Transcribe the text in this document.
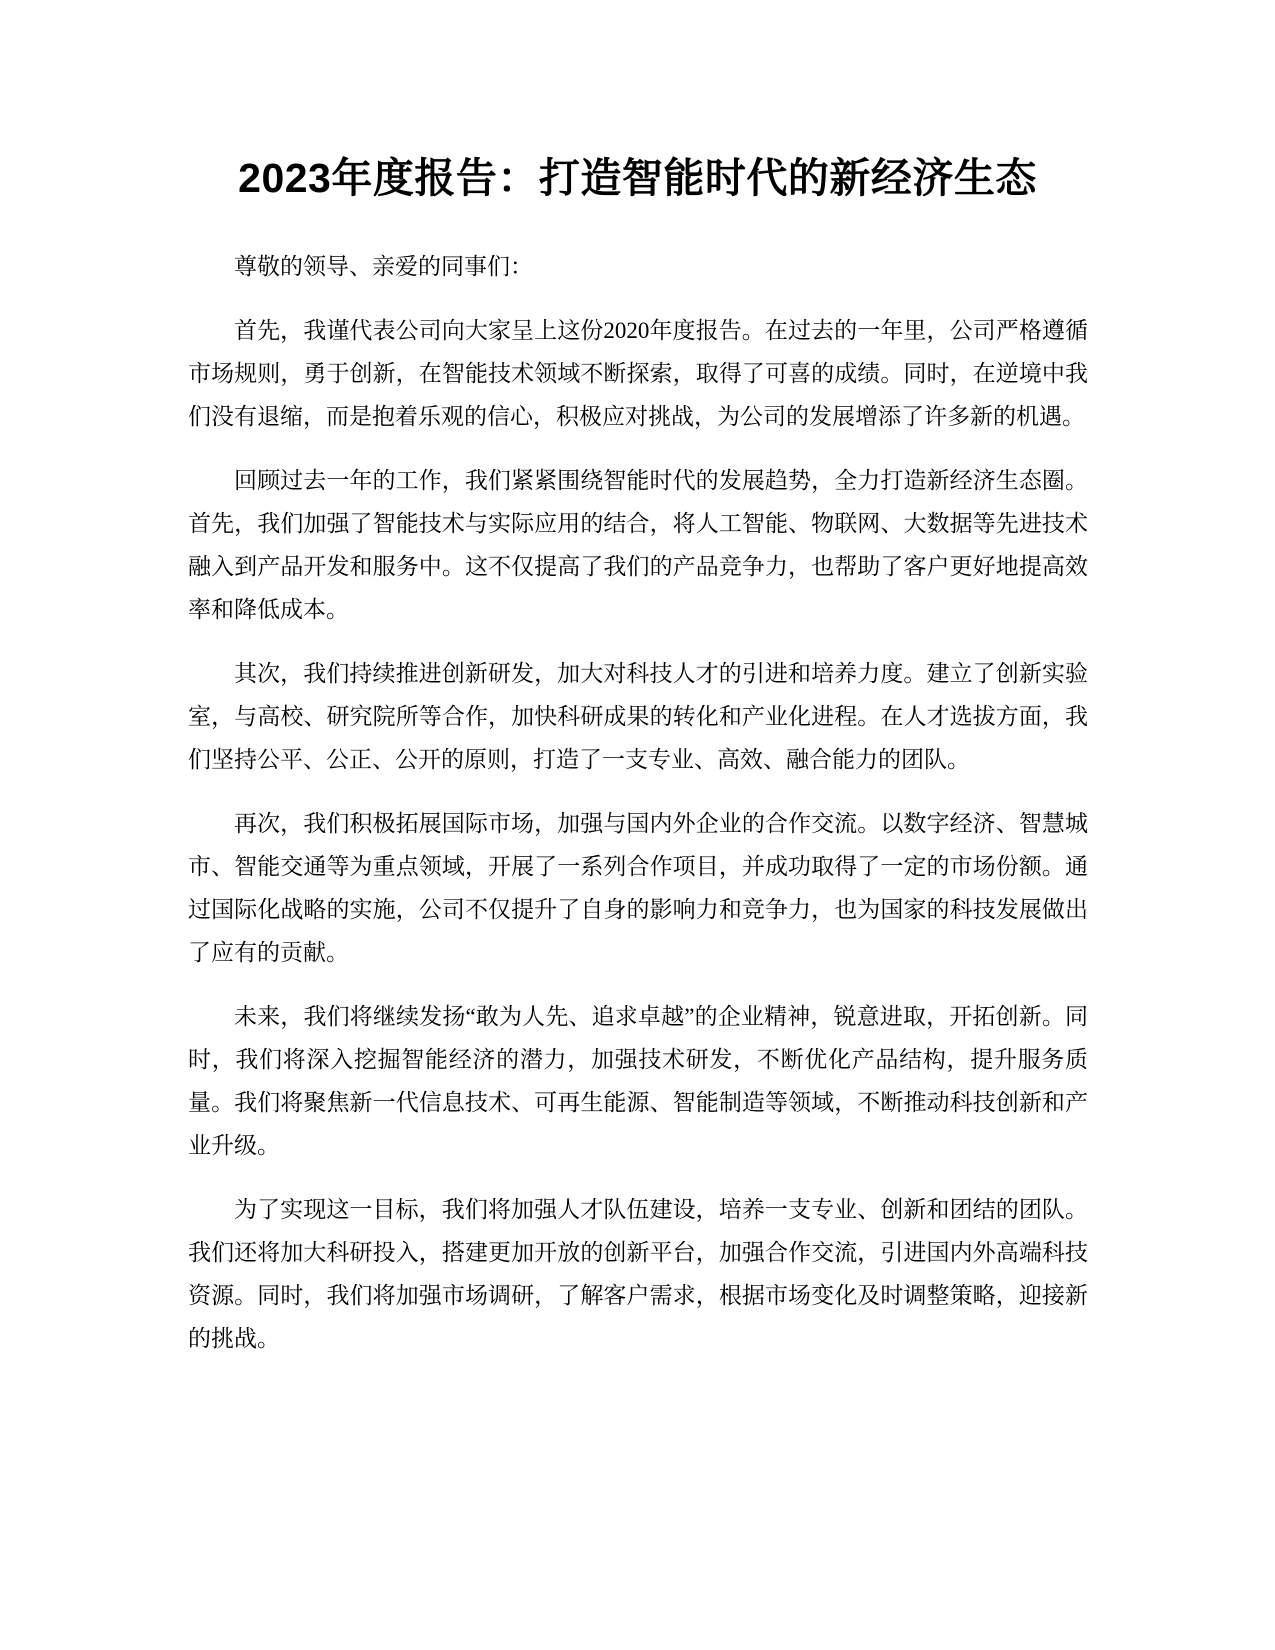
2023年度报告：打造智能时代的新经济生态

尊敬的领导、亲爱的同事们：

首先，我谨代表公司向大家呈上这份2020年度报告。在过去的一年里，公司严格遵循市场规则，勇于创新，在智能技术领域不断探索，取得了可喜的成绩。同时，在逆境中我们没有退缩，而是抱着乐观的信心，积极应对挑战，为公司的发展增添了许多新的机遇。

回顾过去一年的工作，我们紧紧围绕智能时代的发展趋势，全力打造新经济生态圈。首先，我们加强了智能技术与实际应用的结合，将人工智能、物联网、大数据等先进技术融入到产品开发和服务中。这不仅提高了我们的产品竞争力，也帮助了客户更好地提高效率和降低成本。

其次，我们持续推进创新研发，加大对科技人才的引进和培养力度。建立了创新实验室，与高校、研究院所等合作，加快科研成果的转化和产业化进程。在人才选拔方面，我们坚持公平、公正、公开的原则，打造了一支专业、高效、融合能力的团队。

再次，我们积极拓展国际市场，加强与国内外企业的合作交流。以数字经济、智慧城市、智能交通等为重点领域，开展了一系列合作项目，并成功取得了一定的市场份额。通过国际化战略的实施，公司不仅提升了自身的影响力和竞争力，也为国家的科技发展做出了应有的贡献。

未来，我们将继续发扬“敢为人先、追求卓越”的企业精神，锐意进取，开拓创新。同时，我们将深入挖掘智能经济的潜力，加强技术研发，不断优化产品结构，提升服务质量。我们将聚焦新一代信息技术、可再生能源、智能制造等领域，不断推动科技创新和产业升级。

为了实现这一目标，我们将加强人才队伍建设，培养一支专业、创新和团结的团队。我们还将加大科研投入，搭建更加开放的创新平台，加强合作交流，引进国内外高端科技资源。同时，我们将加强市场调研，了解客户需求，根据市场变化及时调整策略，迎接新的挑战。
